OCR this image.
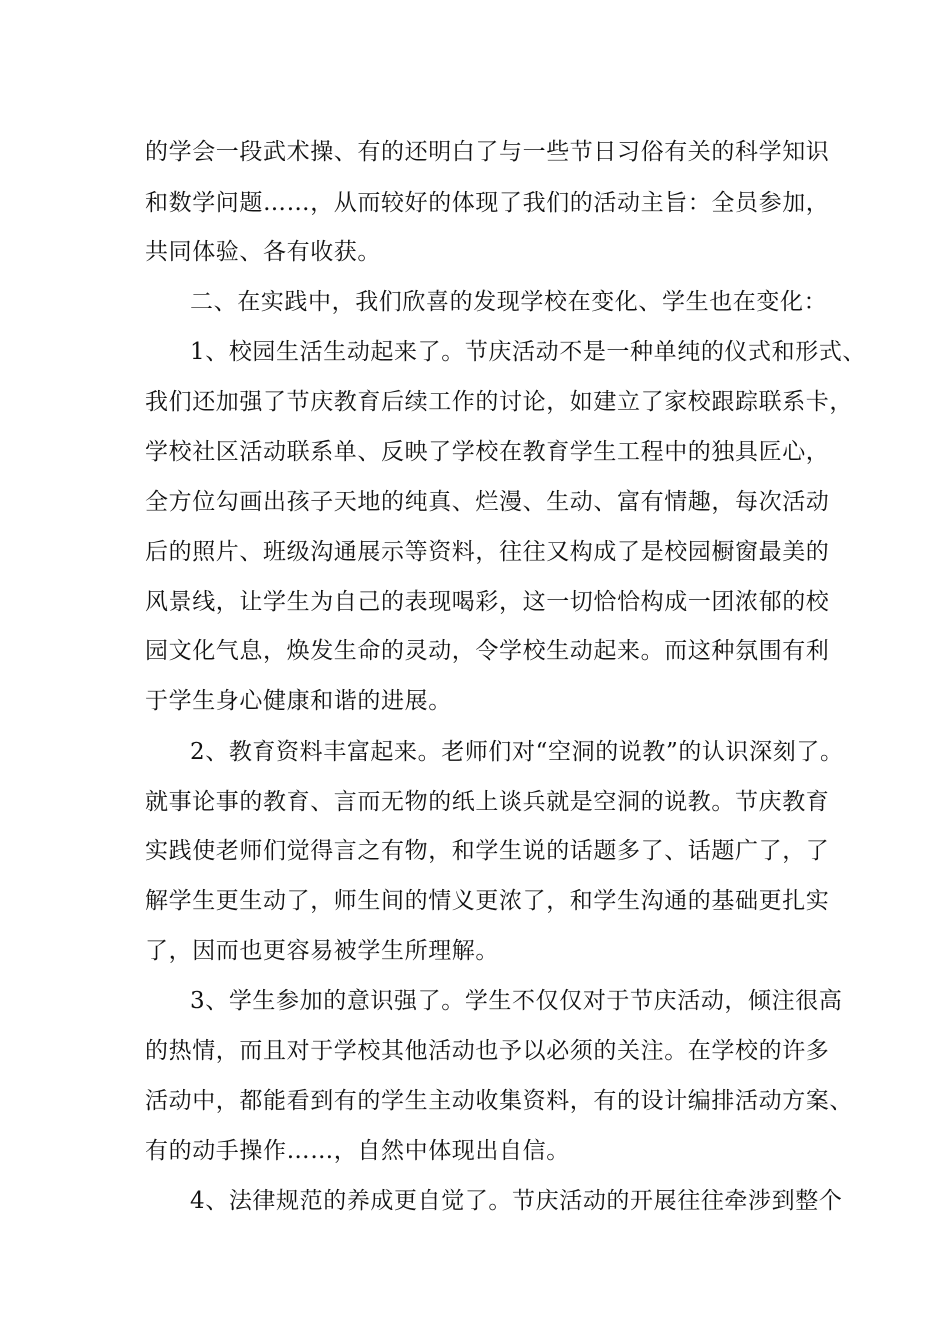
的学会一段武术操、有的还明白了与一些节日习俗有关的科学知识
和数学问题……，从而较好的体现了我们的活动主旨：全员参加，
共同体验、各有收获。
二、在实践中，我们欣喜的发现学校在变化、学生也在变化：
1、校园生活生动起来了。节庆活动不是一种单纯的仪式和形式、
我们还加强了节庆教育后续工作的讨论，如建立了家校跟踪联系卡，
学校社区活动联系单、反映了学校在教育学生工程中的独具匠心，
全方位勾画出孩子天地的纯真、烂漫、生动、富有情趣，每次活动
后的照片、班级沟通展示等资料，往往又构成了是校园橱窗最美的
风景线，让学生为自己的表现喝彩，这一切恰恰构成一团浓郁的校
园文化气息，焕发生命的灵动，令学校生动起来。而这种氛围有利
于学生身心健康和谐的进展。
2、教育资料丰富起来。老师们对“空洞的说教”的认识深刻了。
就事论事的教育、言而无物的纸上谈兵就是空洞的说教。节庆教育
实践使老师们觉得言之有物，和学生说的话题多了、话题广了，了
解学生更生动了，师生间的情义更浓了，和学生沟通的基础更扎实
了，因而也更容易被学生所理解。
3、学生参加的意识强了。学生不仅仅对于节庆活动，倾注很高
的热情，而且对于学校其他活动也予以必须的关注。在学校的许多
活动中，都能看到有的学生主动收集资料，有的设计编排活动方案、
有的动手操作……，自然中体现出自信。
4、法律规范的养成更自觉了。节庆活动的开展往往牵涉到整个
